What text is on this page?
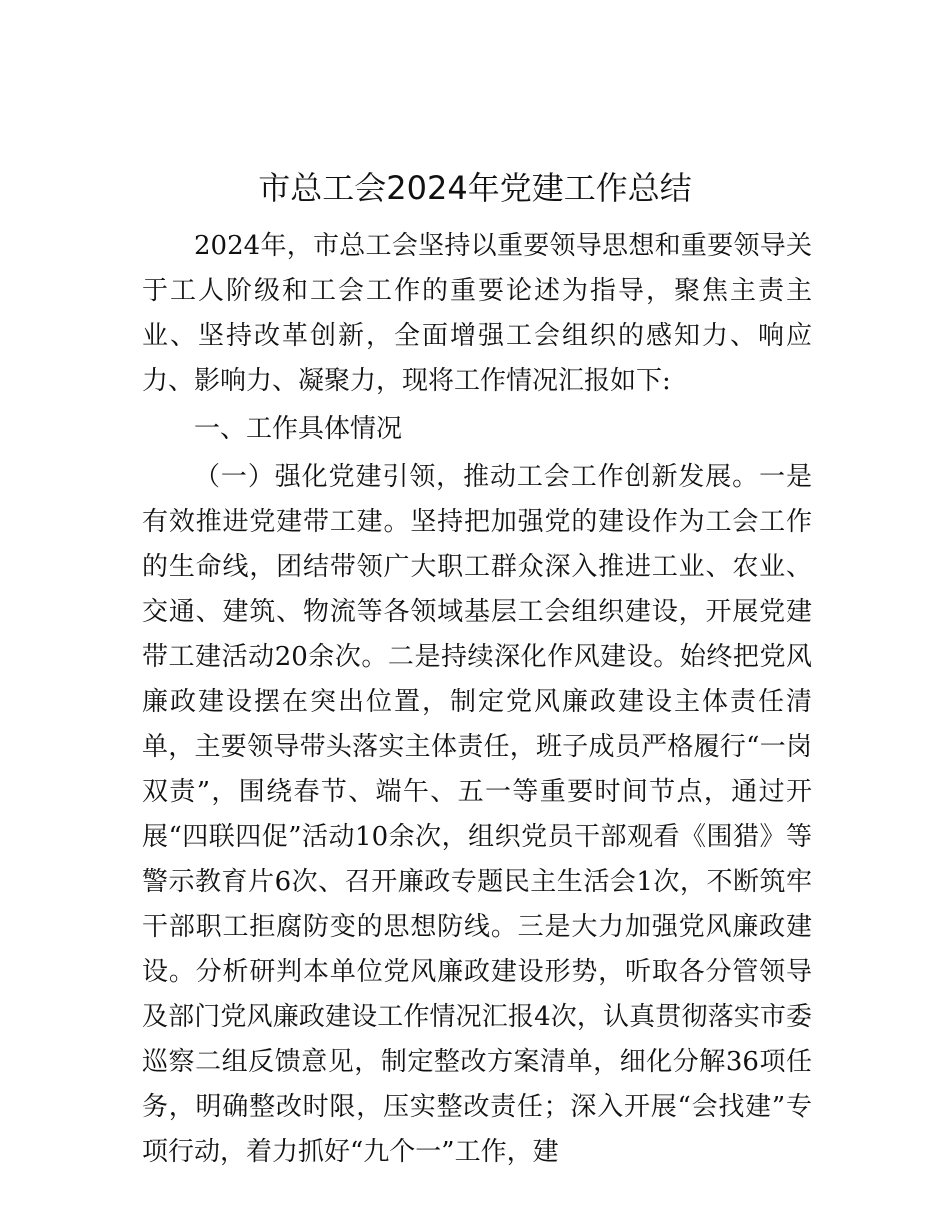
市总工会2024年党建工作总结

2024年，市总工会坚持以重要领导思想和重要领导关于工人阶级和工会工作的重要论述为指导，聚焦主责主业、坚持改革创新，全面增强工会组织的感知力、响应力、影响力、凝聚力，现将工作情况汇报如下:

一、工作具体情况

（一）强化党建引领，推动工会工作创新发展。一是有效推进党建带工建。坚持把加强党的建设作为工会工作的生命线，团结带领广大职工群众深入推进工业、农业、交通、建筑、物流等各领域基层工会组织建设，开展党建带工建活动20余次。二是持续深化作风建设。始终把党风廉政建设摆在突出位置，制定党风廉政建设主体责任清单，主要领导带头落实主体责任，班子成员严格履行“一岗双责”，围绕春节、端午、五一等重要时间节点，通过开展“四联四促”活动10余次，组织党员干部观看《围猎》等警示教育片6次、召开廉政专题民主生活会1次，不断筑牢干部职工拒腐防变的思想防线。三是大力加强党风廉政建设。分析研判本单位党风廉政建设形势，听取各分管领导及部门党风廉政建设工作情况汇报4次，认真贯彻落实市委巡察二组反馈意见，制定整改方案清单，细化分解36项任务，明确整改时限，压实整改责任；深入开展“会找建”专项行动，着力抓好“九个一”工作，建
